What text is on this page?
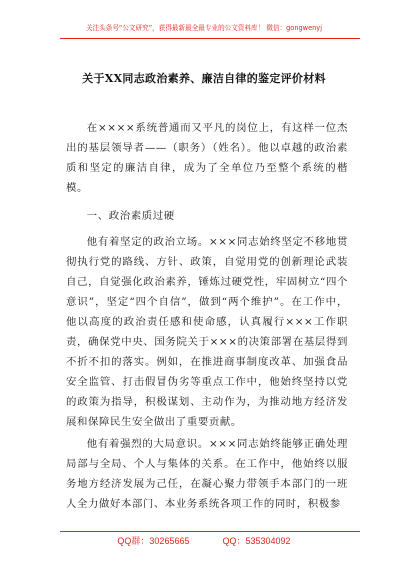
关注头条号“公文研究”，获得最新最全最专业的公文资料库！ 微信：gongwenyj
关于XX同志政治素养、廉洁自律的鉴定评价材料

在××××系统普通而又平凡的岗位上，有这样一位杰出的基层领导者——（职务）（姓名）。他以卓越的政治素质和坚定的廉洁自律，成为了全单位乃至整个系统的楷模。

一、政治素质过硬

他有着坚定的政治立场。×××同志始终坚定不移地贯彻执行党的路线、方针、政策，自觉用党的创新理论武装自己，自觉强化政治素养，锤炼过硬党性，牢固树立“四个意识”，坚定“四个自信”，做到“两个维护”。在工作中，他以高度的政治责任感和使命感，认真履行×××工作职责，确保党中央、国务院关于×××的决策部署在基层得到不折不扣的落实。例如，在推进商事制度改革、加强食品安全监管、打击假冒伪劣等重点工作中，他始终坚持以党的政策为指导，积极谋划、主动作为，为推动地方经济发展和保障民生安全做出了重要贡献。

他有着强烈的大局意识。×××同志始终能够正确处理局部与全局、个人与集体的关系。在工作中，他始终以服务地方经济发展为己任，在凝心聚力带领手本部门的一班人全力做好本部门、本业务系统各项工作的同时，积极参

QQ群：30265665	QQ：535304092
